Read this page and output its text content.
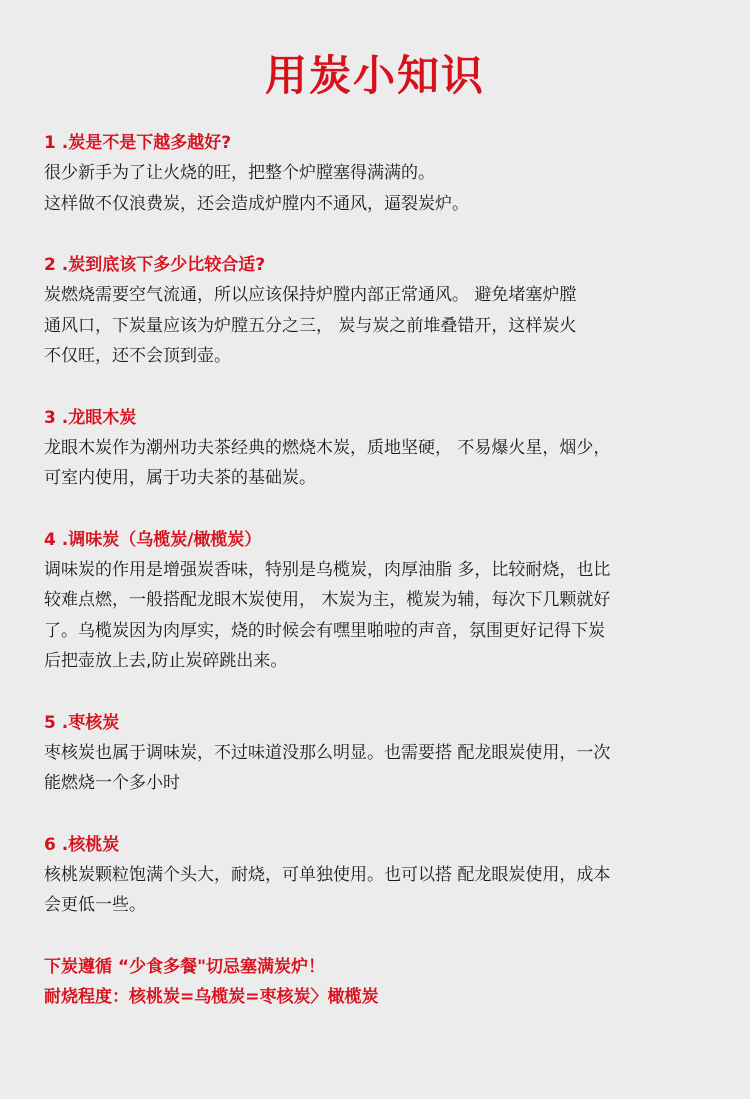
用炭小知识

1 .炭是不是下越多越好?

很少新手为了让火烧的旺，把整个炉膛塞得满满的。

这样做不仅浪费炭，还会造成炉膛内不通风，逼裂炭炉。

2 .炭到底该下多少比较合适?

炭燃烧需要空气流通，所以应该保持炉膛内部正常通风。 避免堵塞炉膛

通风口，下炭量应该为炉膛五分之三， 炭与炭之前堆叠错开，这样炭火

不仅旺，还不会顶到壶。

3 .龙眼木炭

龙眼木炭作为潮州功夫茶经典的燃烧木炭，质地坚硬， 不易爆火星，烟少，

可室内使用，属于功夫茶的基础炭。

4 .调味炭（乌榄炭/橄榄炭）

调味炭的作用是增强炭香味，特别是乌榄炭，肉厚油脂 多，比较耐烧，也比

较难点燃，一般搭配龙眼木炭使用， 木炭为主，榄炭为辅，每次下几颗就好

了。乌榄炭因为肉厚实，烧的时候会有嘿里啪啦的声音，氛围更好记得下炭

后把壶放上去,防止炭碎跳出来。

5 .枣核炭

枣核炭也属于调味炭，不过味道没那么明显。也需要搭 配龙眼炭使用，一次

能燃烧一个多小时

6 .核桃炭

核桃炭颗粒饱满个头大，耐烧，可单独使用。也可以搭 配龙眼炭使用，成本

会更低一些。

下炭遵循 “少食多餐"切忌塞满炭炉！

耐烧程度：核桃炭=乌榄炭=枣核炭〉橄榄炭
